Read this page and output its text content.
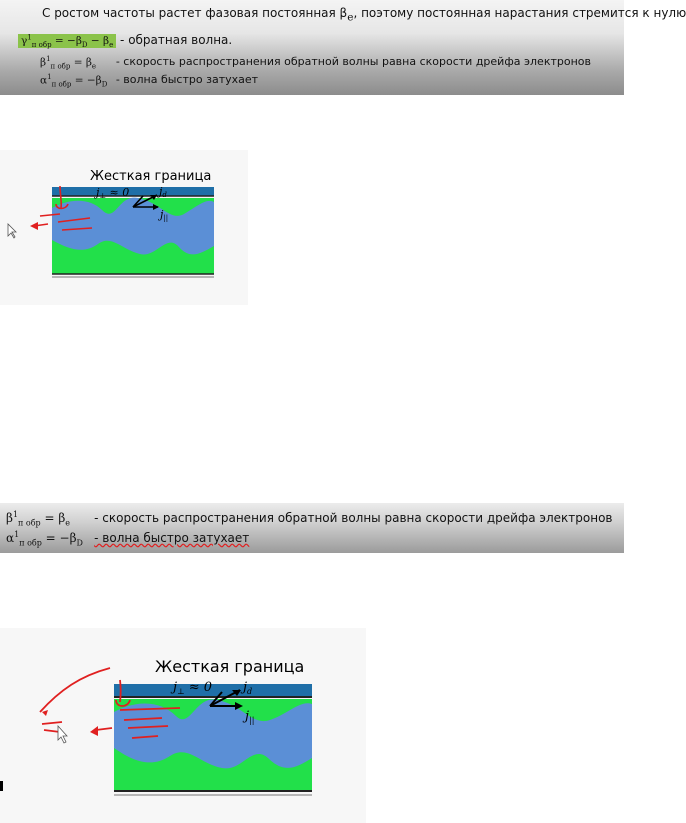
С ростом частоты растет фазовая постоянная $\beta_e$, поэтому постоянная нарастания стремится к нулю
$\gamma^1_{п обр} = -\beta_D - \beta_e$ - обратная волна.
$\beta^1_{п обр} = \beta_e$ - скорость распространения обратной волны равна скорости дрейфа электронов
$\alpha^1_{п обр} = -\beta_D$ - волна быстро затухает
Жесткая граница
j⊥ ≈ 0	jd
j||
$\beta^1_{п обр} = \beta_e$ - скорость распространения обратной волны равна скорости дрейфа электронов
$\alpha^1_{п обр} = -\beta_D$ - волна быстро затухает
Жесткая граница
$j_\perp \approx 0$ $j_d$
$j_{||}$
